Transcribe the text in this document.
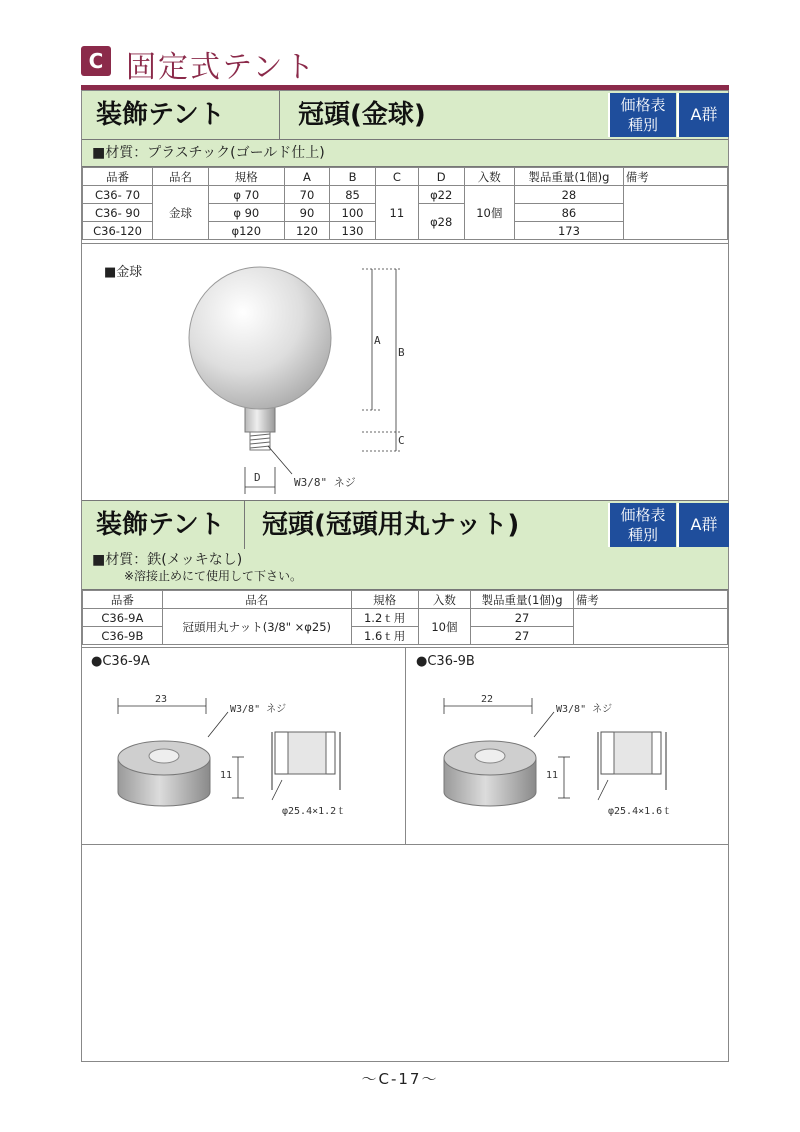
C 固定式テント
装飾テント	冠頭(金球)	価格表
種別
A群
■材質：プラスチック(ゴールド仕上)
品番	品名	規格	A	B	C	D	入数	製品重量(1個)g	備考
C36- 70	金球	φ 70	70	85	11	φ22	10個	28	
C36- 90		φ 90	90	100		φ28		86	
C36-120		φ120	120	130				173	
■金球
A
B
C
D	W3/8" ネジ
装飾テント 冠頭(冠頭用丸ナット)	価格表
種別
A群
■材質：鉄(メッキなし)
※溶接止めにて使用して下さい。
品番	品名	規格	入数	製品重量(1個)g	備考
C36-9A	冠頭用丸ナット(3/8" ×φ25)	1.2ｔ用	10個	27	
C36-9B		1.6ｔ用		27	
●C36-9A
23
W3/8" ネジ
11
φ25.4×1.2ｔ
●C36-9B
22
W3/8" ネジ
11
φ25.4×1.6ｔ
～C-17～
